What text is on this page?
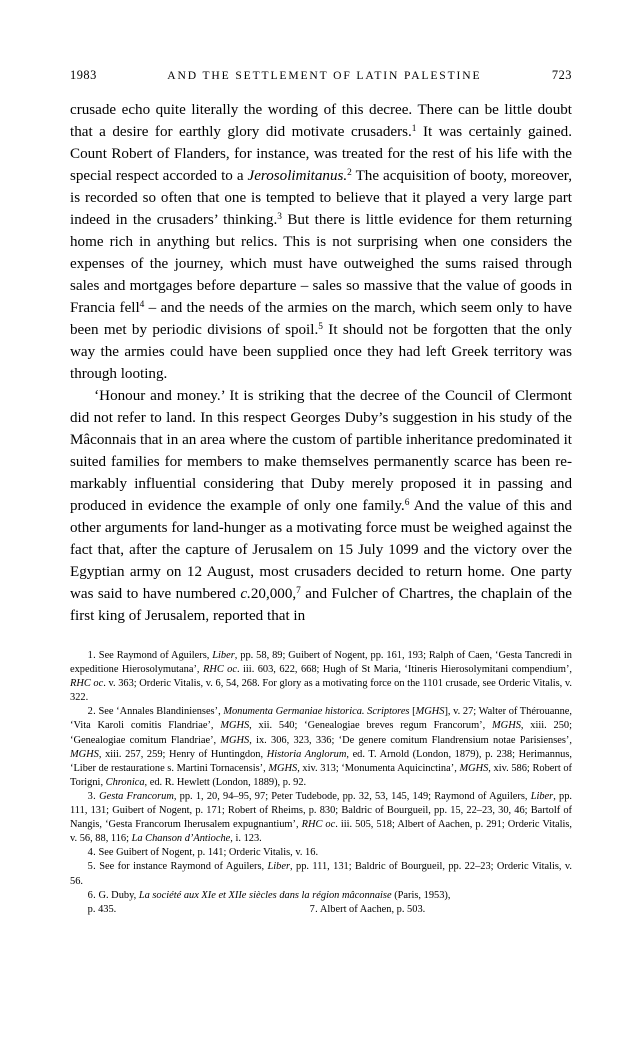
1983	AND THE SETTLEMENT OF LATIN PALESTINE	723

crusade echo quite literally the wording of this decree. There can be little doubt that a desire for earthly glory did motivate crusaders.$^1$ It was certainly gained. Count Robert of Flanders, for instance, was treated for the rest of his life with the special respect accorded to a Jerosolimitanus.$^2$ The acquisition of booty, moreover, is recorded so often that one is tempted to believe that it played a very large part indeed in the crusaders’ thinking.$^3$ But there is little evidence for them returning home rich in anything but relics. This is not surprising when one considers the expenses of the journey, which must have outweighed the sums raised through sales and mortgages before departure – sales so massive that the value of goods in Francia fell$^4$ – and the needs of the armies on the march, which seem only to have been met by periodic divisions of spoil.$^5$ It should not be forgotten that the only way the armies could have been supplied once they had left Greek territory was through looting.

‘Honour and money.’ It is striking that the decree of the Council of Clermont did not refer to land. In this respect Georges Duby’s suggestion in his study of the Mâconnais that in an area where the custom of partible inheritance predominated it suited families for members to make themselves permanently scarce has been re-markably influential considering that Duby merely proposed it in passing and produced in evidence the example of only one family.$^6$ And the value of this and other arguments for land-hunger as a motivating force must be weighed against the fact that, after the capture of Jerusalem on 15 July 1099 and the victory over the Egyptian army on 12 August, most crusaders decided to return home. One party was said to have numbered c.20,000,$^7$ and Fulcher of Chartres, the chaplain of the first king of Jerusalem, reported that in

1. See Raymond of Aguilers, Liber, pp. 58, 89; Guibert of Nogent, pp. 161, 193; Ralph of Caen, ‘Gesta Tancredi in expeditione Hierosolymutana’, RHC oc. iii. 603, 622, 668; Hugh of St Maria, ‘Itineris Hierosolymitani compendium’, RHC oc. v. 363; Orderic Vitalis, v. 6, 54, 268. For glory as a motivating force on the 1101 crusade, see Orderic Vitalis, v. 322.

2. See ‘Annales Blandinienses’, Monumenta Germaniae historica. Scriptores [MGHS], v. 27; Walter of Thérouanne, ‘Vita Karoli comitis Flandriae’, MGHS, xii. 540; ‘Genealogiae breves regum Francorum’, MGHS, xiii. 250; ‘Genealogiae comitum Flandriae’, MGHS, ix. 306, 323, 336; ‘De genere comitum Flandrensium notae Parisienses’, MGHS, xiii. 257, 259; Henry of Huntingdon, Historia Anglorum, ed. T. Arnold (London, 1879), p. 238; Herimannus, ‘Liber de restauratione s. Martini Tornacensis’, MGHS, xiv. 313; ‘Monumenta Aquicinctina’, MGHS, xiv. 586; Robert of Torigni, Chronica, ed. R. Hewlett (London, 1889), p. 92.

3. Gesta Francorum, pp. 1, 20, 94–95, 97; Peter Tudebode, pp. 32, 53, 145, 149; Raymond of Aguilers, Liber, pp. 111, 131; Guibert of Nogent, p. 171; Robert of Rheims, p. 830; Baldric of Bourgueil, pp. 15, 22–23, 30, 46; Bartolf of Nangis, ‘Gesta Francorum Iherusalem expugnantium’, RHC oc. iii. 505, 518; Albert of Aachen, p. 291; Orderic Vitalis, v. 56, 88, 116; La Chanson d’Antioche, i. 123.

4. See Guibert of Nogent, p. 141; Orderic Vitalis, v. 16.

5. See for instance Raymond of Aguilers, Liber, pp. 111, 131; Baldric of Bourgueil, pp. 22–23; Orderic Vitalis, v. 56.

6. G. Duby, La société aux XIe et XIIe siècles dans la région mâconnaise (Paris, 1953),

p. 435.	7. Albert of Aachen, p. 503.
